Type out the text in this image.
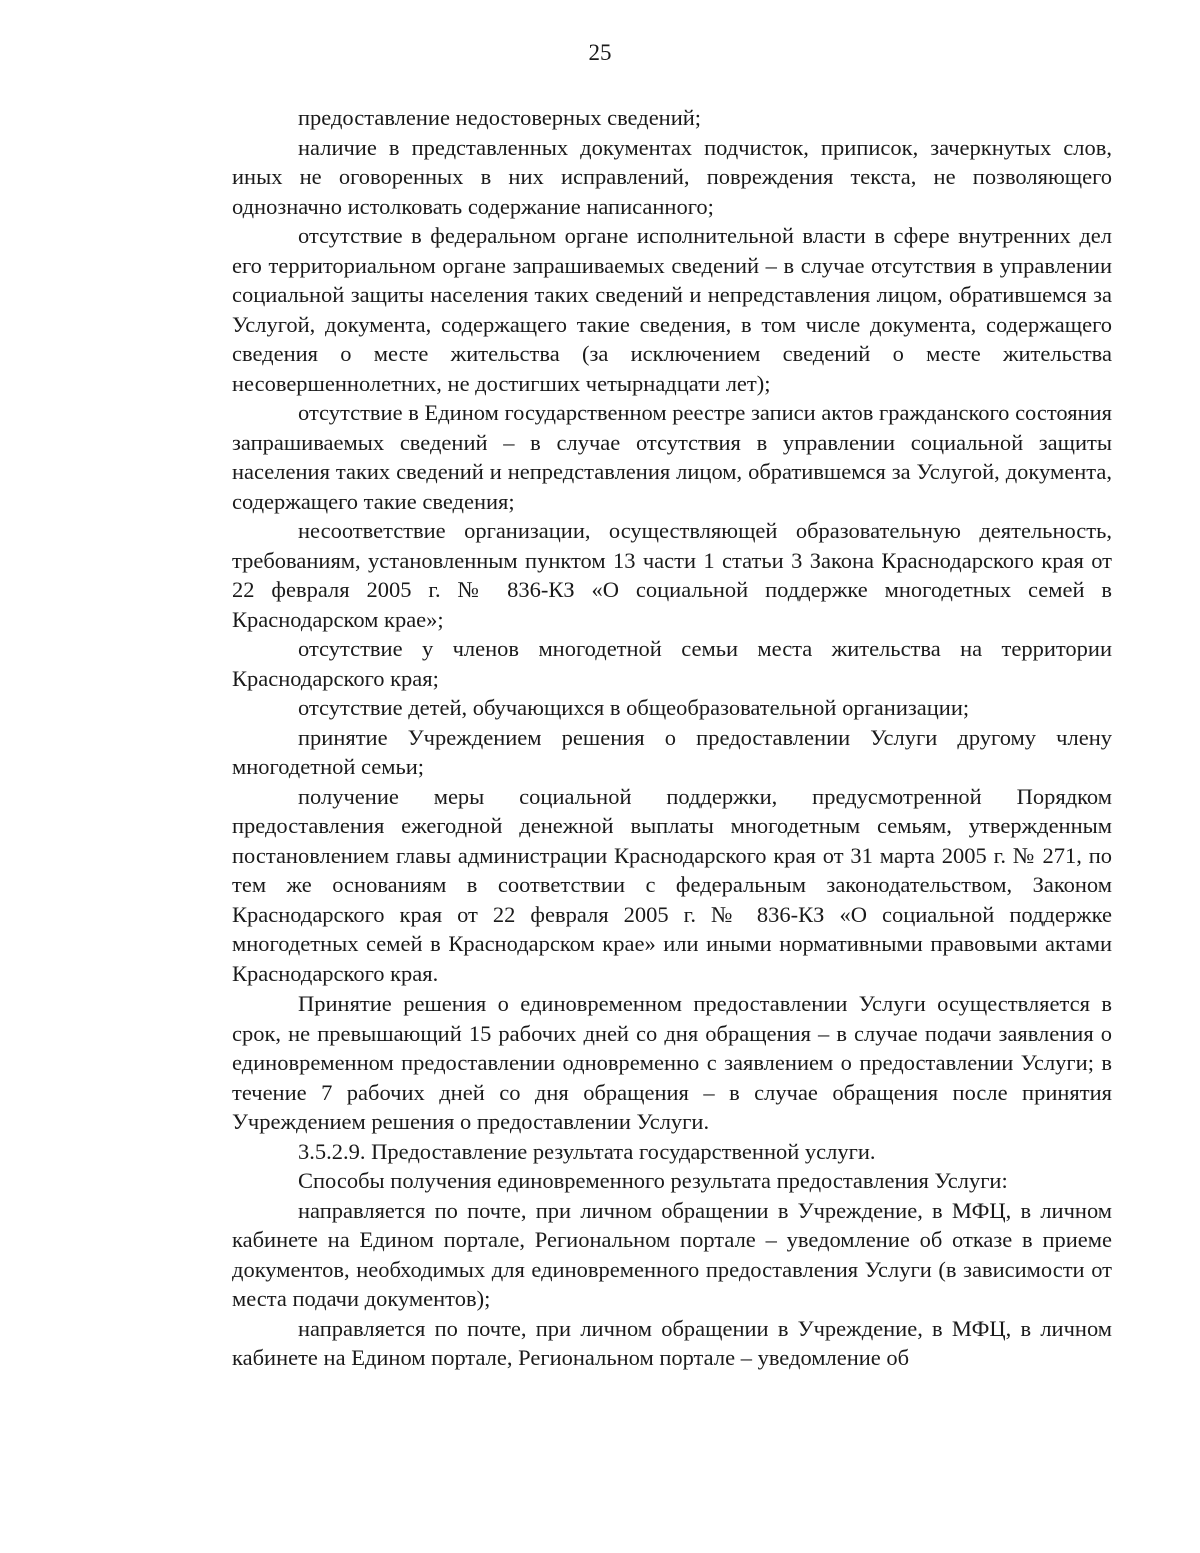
25

предоставление недостоверных сведений;

наличие в представленных документах подчисток, приписок, зачеркнутых слов, иных не оговоренных в них исправлений, повреждения текста, не позволяющего однозначно истолковать содержание написанного;

отсутствие в федеральном органе исполнительной власти в сфере внутренних дел его территориальном органе запрашиваемых сведений – в случае отсутствия в управлении социальной защиты населения таких сведений и непредставления лицом, обратившемся за Услугой, документа, содержащего такие сведения, в том числе документа, содержащего сведения о месте жительства (за исключением сведений о месте жительства несовершеннолетних, не достигших четырнадцати лет);

отсутствие в Едином государственном реестре записи актов гражданского состояния запрашиваемых сведений – в случае отсутствия в управлении социальной защиты населения таких сведений и непредставления лицом, обратившемся за Услугой, документа, содержащего такие сведения;

несоответствие организации, осуществляющей образовательную деятельность, требованиям, установленным пунктом 13 части 1 статьи 3 Закона Краснодарского края от 22 февраля 2005 г. № 836-КЗ «О социальной поддержке многодетных семей в Краснодарском крае»;

отсутствие у членов многодетной семьи места жительства на территории Краснодарского края;

отсутствие детей, обучающихся в общеобразовательной организации;

принятие Учреждением решения о предоставлении Услуги другому члену многодетной семьи;

получение меры социальной поддержки, предусмотренной Порядком предоставления ежегодной денежной выплаты многодетным семьям, утвержденным постановлением главы администрации Краснодарского края от 31 марта 2005 г. № 271, по тем же основаниям в соответствии с федеральным законодательством, Законом Краснодарского края от 22 февраля 2005 г. № 836-КЗ «О социальной поддержке многодетных семей в Краснодарском крае» или иными нормативными правовыми актами Краснодарского края.

Принятие решения о единовременном предоставлении Услуги осуществляется в срок, не превышающий 15 рабочих дней со дня обращения – в случае подачи заявления о единовременном предоставлении одновременно с заявлением о предоставлении Услуги; в течение 7 рабочих дней со дня обращения – в случае обращения после принятия Учреждением решения о предоставлении Услуги.

3.5.2.9. Предоставление результата государственной услуги.

Способы получения единовременного результата предоставления Услуги:

направляется по почте, при личном обращении в Учреждение, в МФЦ, в личном кабинете на Едином портале, Региональном портале – уведомление об отказе в приеме документов, необходимых для единовременного предоставления Услуги (в зависимости от места подачи документов);

направляется по почте, при личном обращении в Учреждение, в МФЦ, в личном кабинете на Едином портале, Региональном портале – уведомление об
